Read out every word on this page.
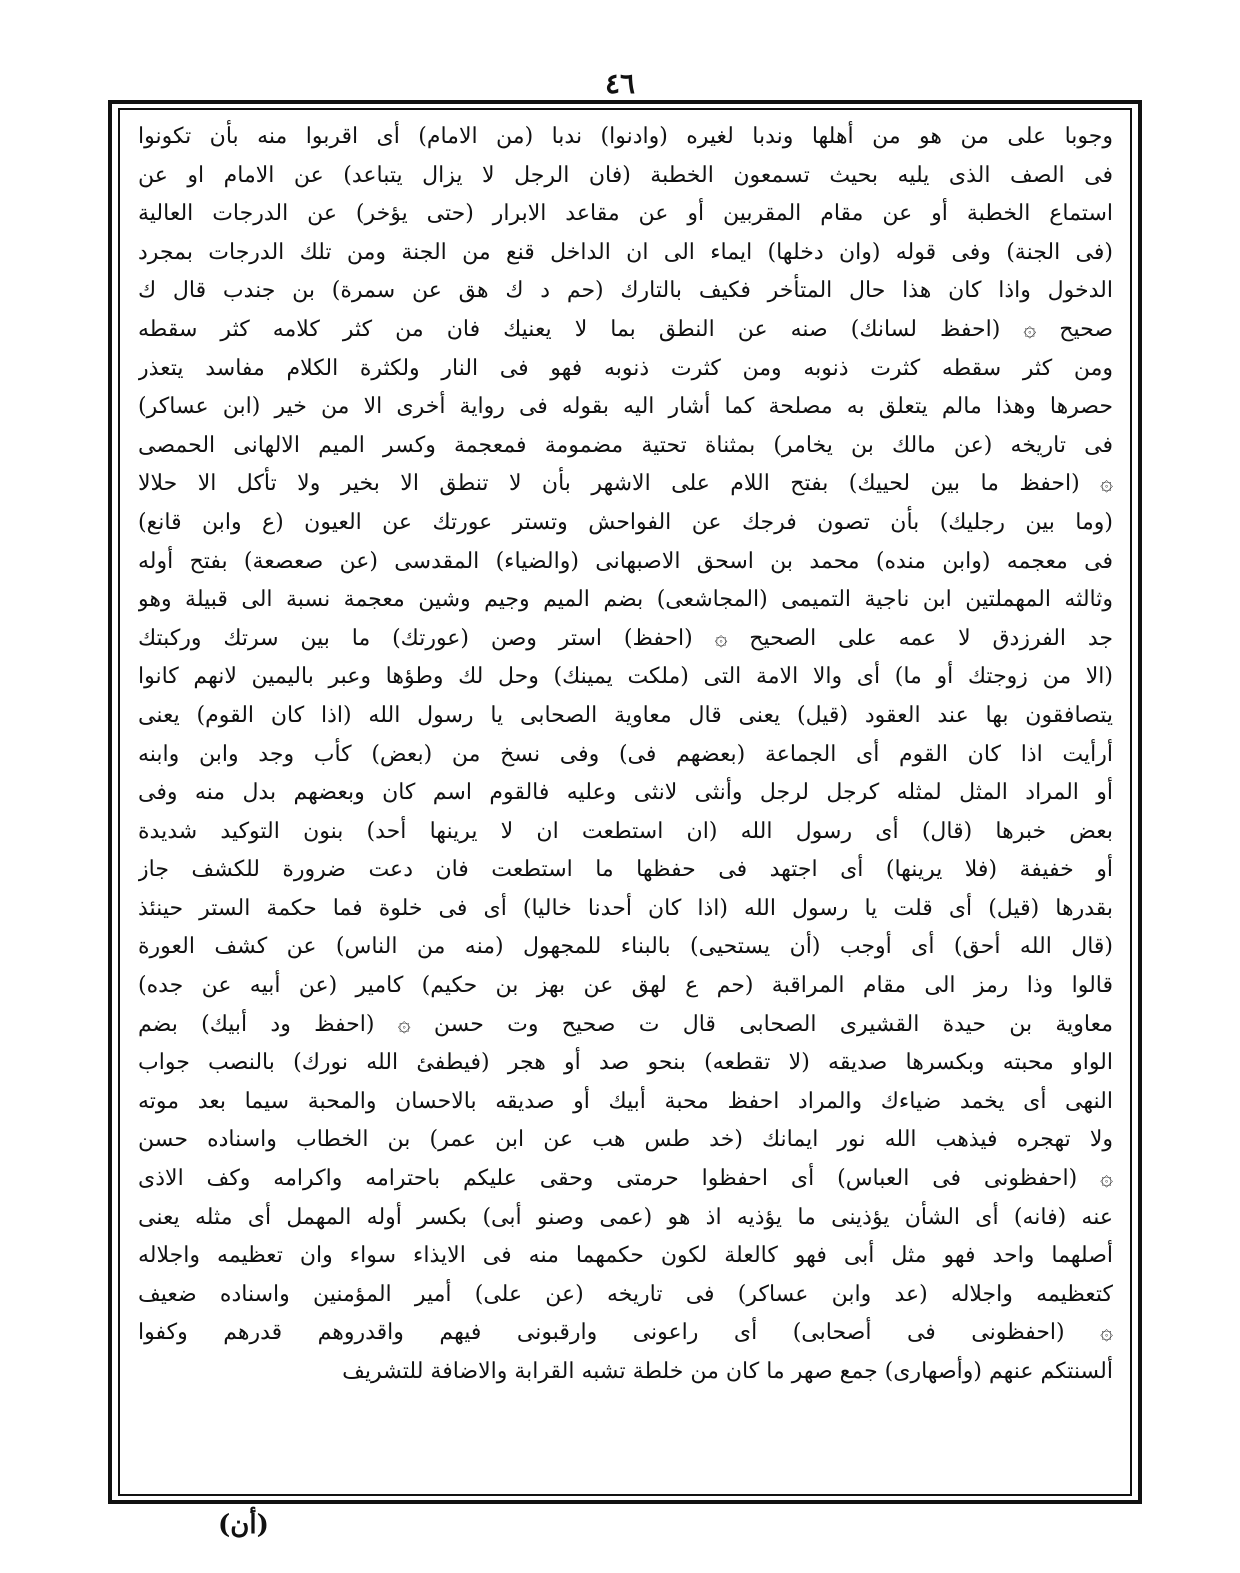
٤٦
وجوبا على من هو من أهلها وندبا لغيره (وادنوا) ندبا (من الامام) أى اقربوا منه بأن تكونوا
فى الصف الذى يليه بحيث تسمعون الخطبة (فان الرجل لا يزال يتباعد) عن الامام او عن
استماع الخطبة أو عن مقام المقربين أو عن مقاعد الابرار (حتى يؤخر) عن الدرجات العالية
(فى الجنة) وفى قوله (وان دخلها) ايماء الى ان الداخل قنع من الجنة ومن تلك الدرجات بمجرد
الدخول واذا كان هذا حال المتأخر فكيف بالتارك (حم د ك هق عن سمرة) بن جندب قال ك
صحيح ۞ (احفظ لسانك) صنه عن النطق بما لا يعنيك فان من كثر كلامه كثر سقطه
ومن كثر سقطه كثرت ذنوبه ومن كثرت ذنوبه فهو فى النار ولكثرة الكلام مفاسد يتعذر
حصرها وهذا مالم يتعلق به مصلحة كما أشار اليه بقوله فى رواية أخرى الا من خير (ابن عساكر)
فى تاريخه (عن مالك بن يخامر) بمثناة تحتية مضمومة فمعجمة وكسر الميم الالهانى الحمصى
۞ (احفظ ما بين لحييك) بفتح اللام على الاشهر بأن لا تنطق الا بخير ولا تأكل الا حلالا
(وما بين رجليك) بأن تصون فرجك عن الفواحش وتستر عورتك عن العيون (ع وابن قانع)
فى معجمه (وابن منده) محمد بن اسحق الاصبهانى (والضياء) المقدسى (عن صعصعة) بفتح أوله
وثالثه المهملتين ابن ناجية التميمى (المجاشعى) بضم الميم وجيم وشين معجمة نسبة الى قبيلة وهو
جد الفرزدق لا عمه على الصحيح ۞ (احفظ) استر وصن (عورتك) ما بين سرتك وركبتك
(الا من زوجتك أو ما) أى والا الامة التى (ملكت يمينك) وحل لك وطؤها وعبر باليمين لانهم كانوا
يتصافقون بها عند العقود (قيل) يعنى قال معاوية الصحابى يا رسول الله (اذا كان القوم) يعنى
أرأيت اذا كان القوم أى الجماعة (بعضهم فى) وفى نسخ من (بعض) كأب وجد وابن وابنه
أو المراد المثل لمثله كرجل لرجل وأنثى لانثى وعليه فالقوم اسم كان وبعضهم بدل منه وفى
بعض خبرها (قال) أى رسول الله (ان استطعت ان لا يرينها أحد) بنون التوكيد شديدة
أو خفيفة (فلا يرينها) أى اجتهد فى حفظها ما استطعت فان دعت ضرورة للكشف جاز
بقدرها (قيل) أى قلت يا رسول الله (اذا كان أحدنا خاليا) أى فى خلوة فما حكمة الستر حينئذ
(قال الله أحق) أى أوجب (أن يستحيى) بالبناء للمجهول (منه من الناس) عن كشف العورة
قالوا وذا رمز الى مقام المراقبة (حم ع لهق عن بهز بن حكيم) كامير (عن أبيه عن جده)
معاوية بن حيدة القشيرى الصحابى قال ت صحيح وت حسن ۞ (احفظ ود أبيك) بضم
الواو محبته وبكسرها صديقه (لا تقطعه) بنحو صد أو هجر (فيطفئ الله نورك) بالنصب جواب
النهى أى يخمد ضياءك والمراد احفظ محبة أبيك أو صديقه بالاحسان والمحبة سيما بعد موته
ولا تهجره فيذهب الله نور ايمانك (خد طس هب عن ابن عمر) بن الخطاب واسناده حسن
۞ (احفظونى فى العباس) أى احفظوا حرمتى وحقى عليكم باحترامه واكرامه وكف الاذى
عنه (فانه) أى الشأن يؤذينى ما يؤذيه اذ هو (عمى وصنو أبى) بكسر أوله المهمل أى مثله يعنى
أصلهما واحد فهو مثل أبى فهو كالعلة لكون حكمهما منه فى الايذاء سواء وان تعظيمه واجلاله
كتعظيمه واجلاله (عد وابن عساكر) فى تاريخه (عن على) أمير المؤمنين واسناده ضعيف
۞ (احفظونى فى أصحابى) أى راعونى وارقبونى فيهم واقدروهم قدرهم وكفوا
ألسنتكم عنهم (وأصهارى) جمع صهر ما كان من خلطة تشبه القرابة والاضافة للتشريف
(أن)
